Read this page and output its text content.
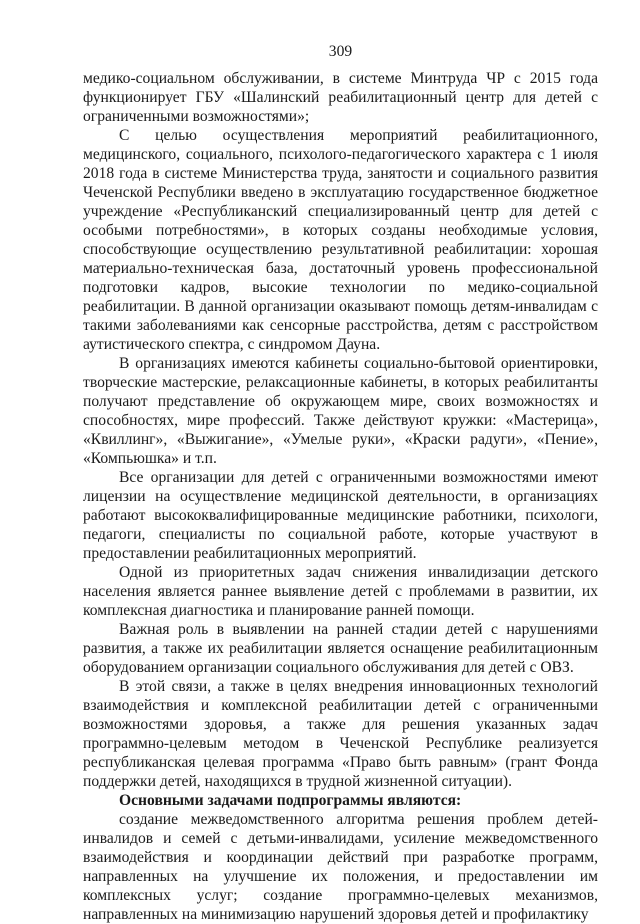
309

медико-социальном обслуживании, в системе Минтруда ЧР с 2015 года функционирует ГБУ «Шалинский реабилитационный центр для детей с ограниченными возможностями»;

С целью осуществления мероприятий реабилитационного, медицинского, социального, психолого-педагогического характера с 1 июля 2018 года в системе Министерства труда, занятости и социального развития Чеченской Республики введено в эксплуатацию государственное бюджетное учреждение «Республиканский специализированный центр для детей с особыми потребностями», в которых созданы необходимые условия, способствующие осуществлению результативной реабилитации: хорошая материально-техническая база, достаточный уровень профессиональной подготовки кадров, высокие технологии по медико-социальной реабилитации. В данной организации оказывают помощь детям-инвалидам с такими заболеваниями как сенсорные расстройства, детям с расстройством аутистического спектра, с синдромом Дауна.

В организациях имеются кабинеты социально-бытовой ориентировки, творческие мастерские, релаксационные кабинеты, в которых реабилитанты получают представление об окружающем мире, своих возможностях и способностях, мире профессий. Также действуют кружки: «Мастерица», «Квиллинг», «Выжигание», «Умелые руки», «Краски радуги», «Пение», «Компьюшка» и т.п.

Все организации для детей с ограниченными возможностями имеют лицензии на осуществление медицинской деятельности, в организациях работают высококвалифицированные медицинские работники, психологи, педагоги, специалисты по социальной работе, которые участвуют в предоставлении реабилитационных мероприятий.

Одной из приоритетных задач снижения инвалидизации детского населения является раннее выявление детей с проблемами в развитии, их комплексная диагностика и планирование ранней помощи.

Важная роль в выявлении на ранней стадии детей с нарушениями развития, а также их реабилитации является оснащение реабилитационным оборудованием организации социального обслуживания для детей с ОВЗ.

В этой связи, а также в целях внедрения инновационных технологий взаимодействия и комплексной реабилитации детей с ограниченными возможностями здоровья, а также для решения указанных задач программно-целевым методом в Чеченской Республике реализуется республиканская целевая программа «Право быть равным» (грант Фонда поддержки детей, находящихся в трудной жизненной ситуации).

Основными задачами подпрограммы являются:

создание межведомственного алгоритма решения проблем детей-инвалидов и семей с детьми-инвалидами, усиление межведомственного взаимодействия и координации действий при разработке программ, направленных на улучшение их положения, и предоставлении им комплексных услуг; создание программно-целевых механизмов, направленных на минимизацию нарушений здоровья детей и профилактику
